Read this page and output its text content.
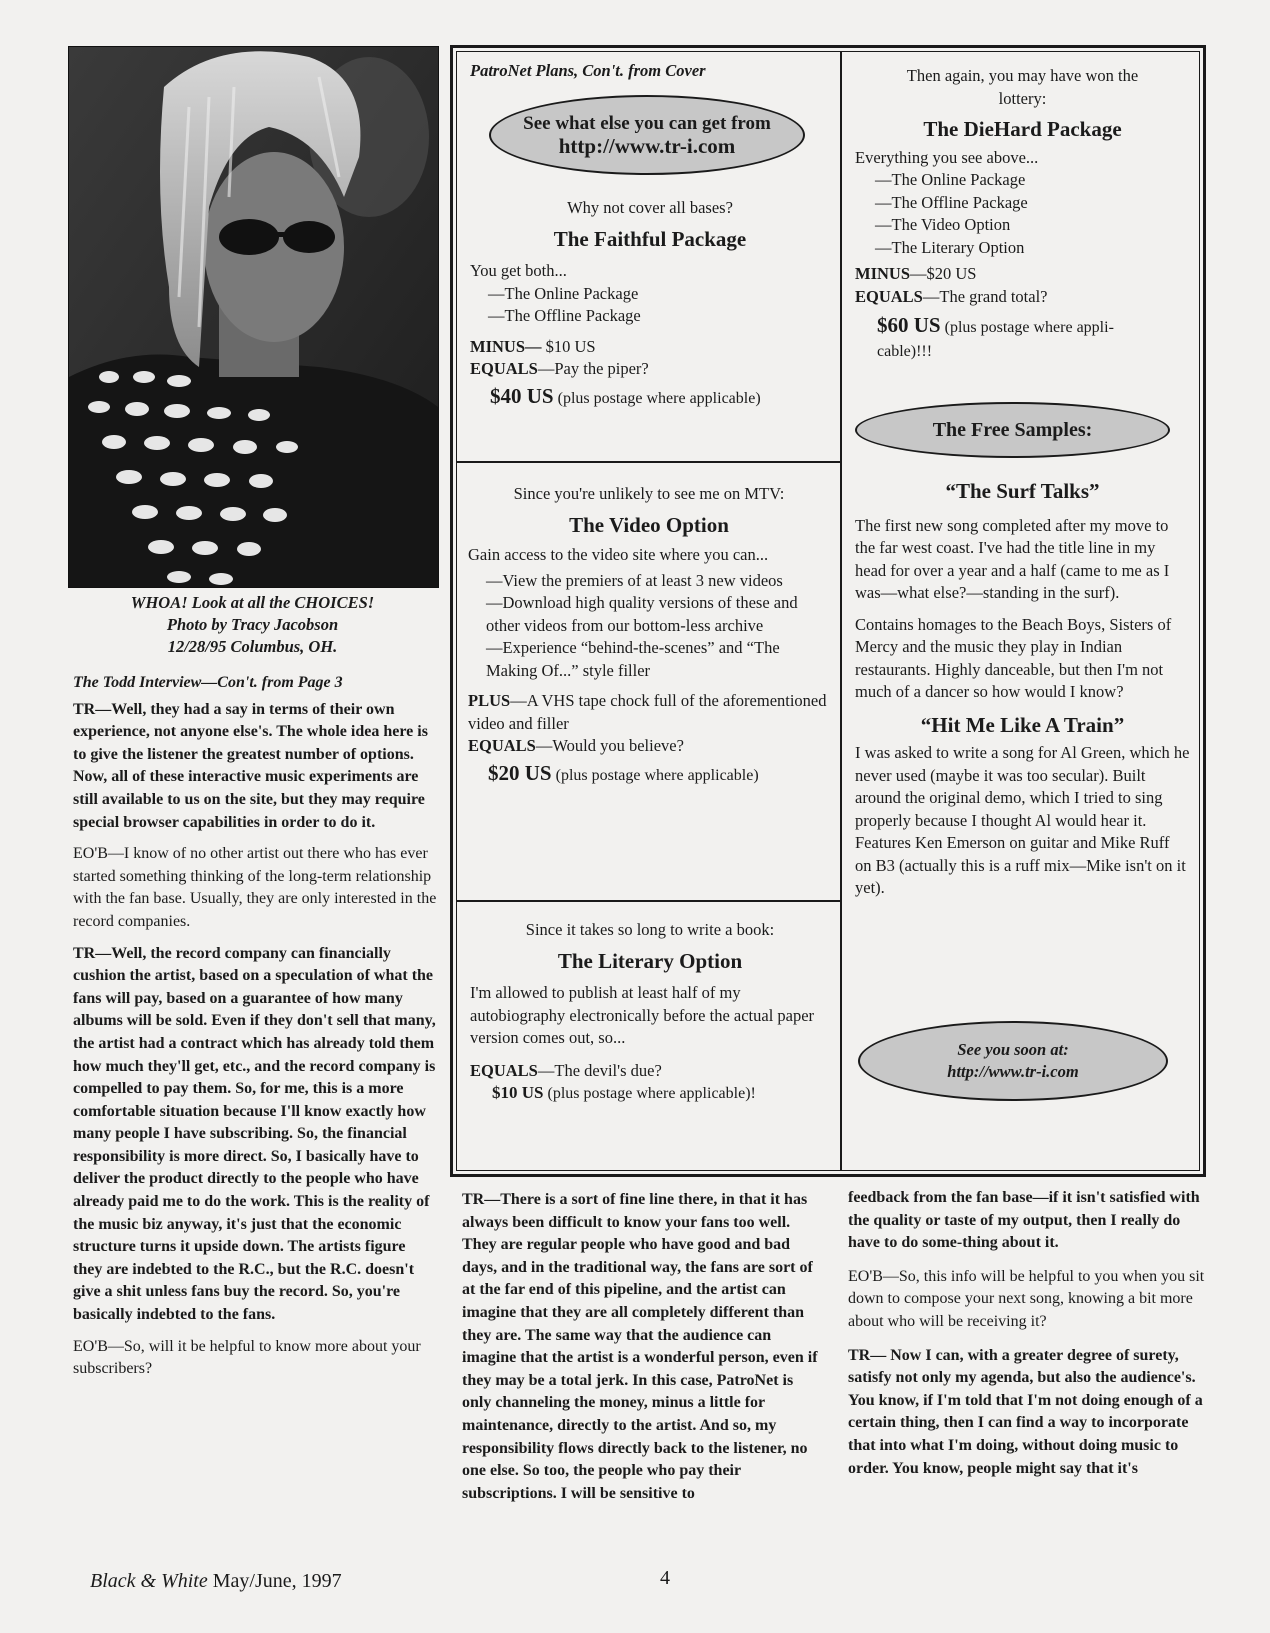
WHOA! Look at all the CHOICES!
Photo by Tracy Jacobson
12/28/95 Columbus, OH.

The Todd Interview—Con't. from Page 3

TR—Well, they had a say in terms of their own experience, not anyone else's. The whole idea here is to give the listener the greatest number of options. Now, all of these interactive music experiments are still available to us on the site, but they may require special browser capabilities in order to do it.

EO'B—I know of no other artist out there who has ever started something thinking of the long-term relationship with the fan base. Usually, they are only interested in the record companies.

TR—Well, the record company can financially cushion the artist, based on a speculation of what the fans will pay, based on a guarantee of how many albums will be sold. Even if they don't sell that many, the artist had a contract which has already told them how much they'll get, etc., and the record company is compelled to pay them. So, for me, this is a more comfortable situation because I'll know exactly how many people I have subscribing. So, the financial responsibility is more direct. So, I basically have to deliver the product directly to the people who have already paid me to do the work. This is the reality of the music biz anyway, it's just that the economic structure turns it upside down. The artists figure they are indebted to the R.C., but the R.C. doesn't give a shit unless fans buy the record. So, you're basically indebted to the fans.

EO'B—So, will it be helpful to know more about your subscribers?

PatroNet Plans, Con't. from Cover

See what else you can get from
http://www.tr-i.com

Why not cover all bases?

The Faithful Package

You get both...

—The Online Package

—The Offline Package

MINUS— $10 US

EQUALS—Pay the piper?

$40 US (plus postage where applicable)

Since you're unlikely to see me on MTV:

The Video Option

Gain access to the video site where you can...

—View the premiers of at least 3 new videos

—Download high quality versions of these and other videos from our bottom-less archive

—Experience “behind-the-scenes” and “The Making Of...” style filler

PLUS—A VHS tape chock full of the aforementioned video and filler

EQUALS—Would you believe?

$20 US (plus postage where applicable)

Since it takes so long to write a book:

The Literary Option

I'm allowed to publish at least half of my autobiography electronically before the actual paper version comes out, so...

EQUALS—The devil's due?

$10 US (plus postage where applicable)!

Then again, you may have won the lottery:

The DieHard Package

Everything you see above...

—The Online Package

—The Offline Package

—The Video Option

—The Literary Option

MINUS—$20 US

EQUALS—The grand total?

$60 US (plus postage where appli-cable)!!!

The Free Samples:

“The Surf Talks”

The first new song completed after my move to the far west coast. I've had the title line in my head for over a year and a half (came to me as I was—what else?—standing in the surf).

Contains homages to the Beach Boys, Sisters of Mercy and the music they play in Indian restaurants. Highly danceable, but then I'm not much of a dancer so how would I know?

“Hit Me Like A Train”

I was asked to write a song for Al Green, which he never used (maybe it was too secular). Built around the original demo, which I tried to sing properly because I thought Al would hear it. Features Ken Emerson on guitar and Mike Ruff on B3 (actually this is a ruff mix—Mike isn't on it yet).

See you soon at:
http://www.tr-i.com

TR—There is a sort of fine line there, in that it has always been difficult to know your fans too well. They are regular people who have good and bad days, and in the traditional way, the fans are sort of at the far end of this pipeline, and the artist can imagine that they are all completely different than they are. The same way that the audience can imagine that the artist is a wonderful person, even if they may be a total jerk. In this case, PatroNet is only channeling the money, minus a little for maintenance, directly to the artist. And so, my responsibility flows directly back to the listener, no one else. So too, the people who pay their subscriptions. I will be sensitive to

feedback from the fan base—if it isn't satisfied with the quality or taste of my output, then I really do have to do some-thing about it.

EO'B—So, this info will be helpful to you when you sit down to compose your next song, knowing a bit more about who will be receiving it?

TR— Now I can, with a greater degree of surety, satisfy not only my agenda, but also the audience's. You know, if I'm told that I'm not doing enough of a certain thing, then I can find a way to incorporate that into what I'm doing, without doing music to order. You know, people might say that it's

Black & White May/June, 1997	4
